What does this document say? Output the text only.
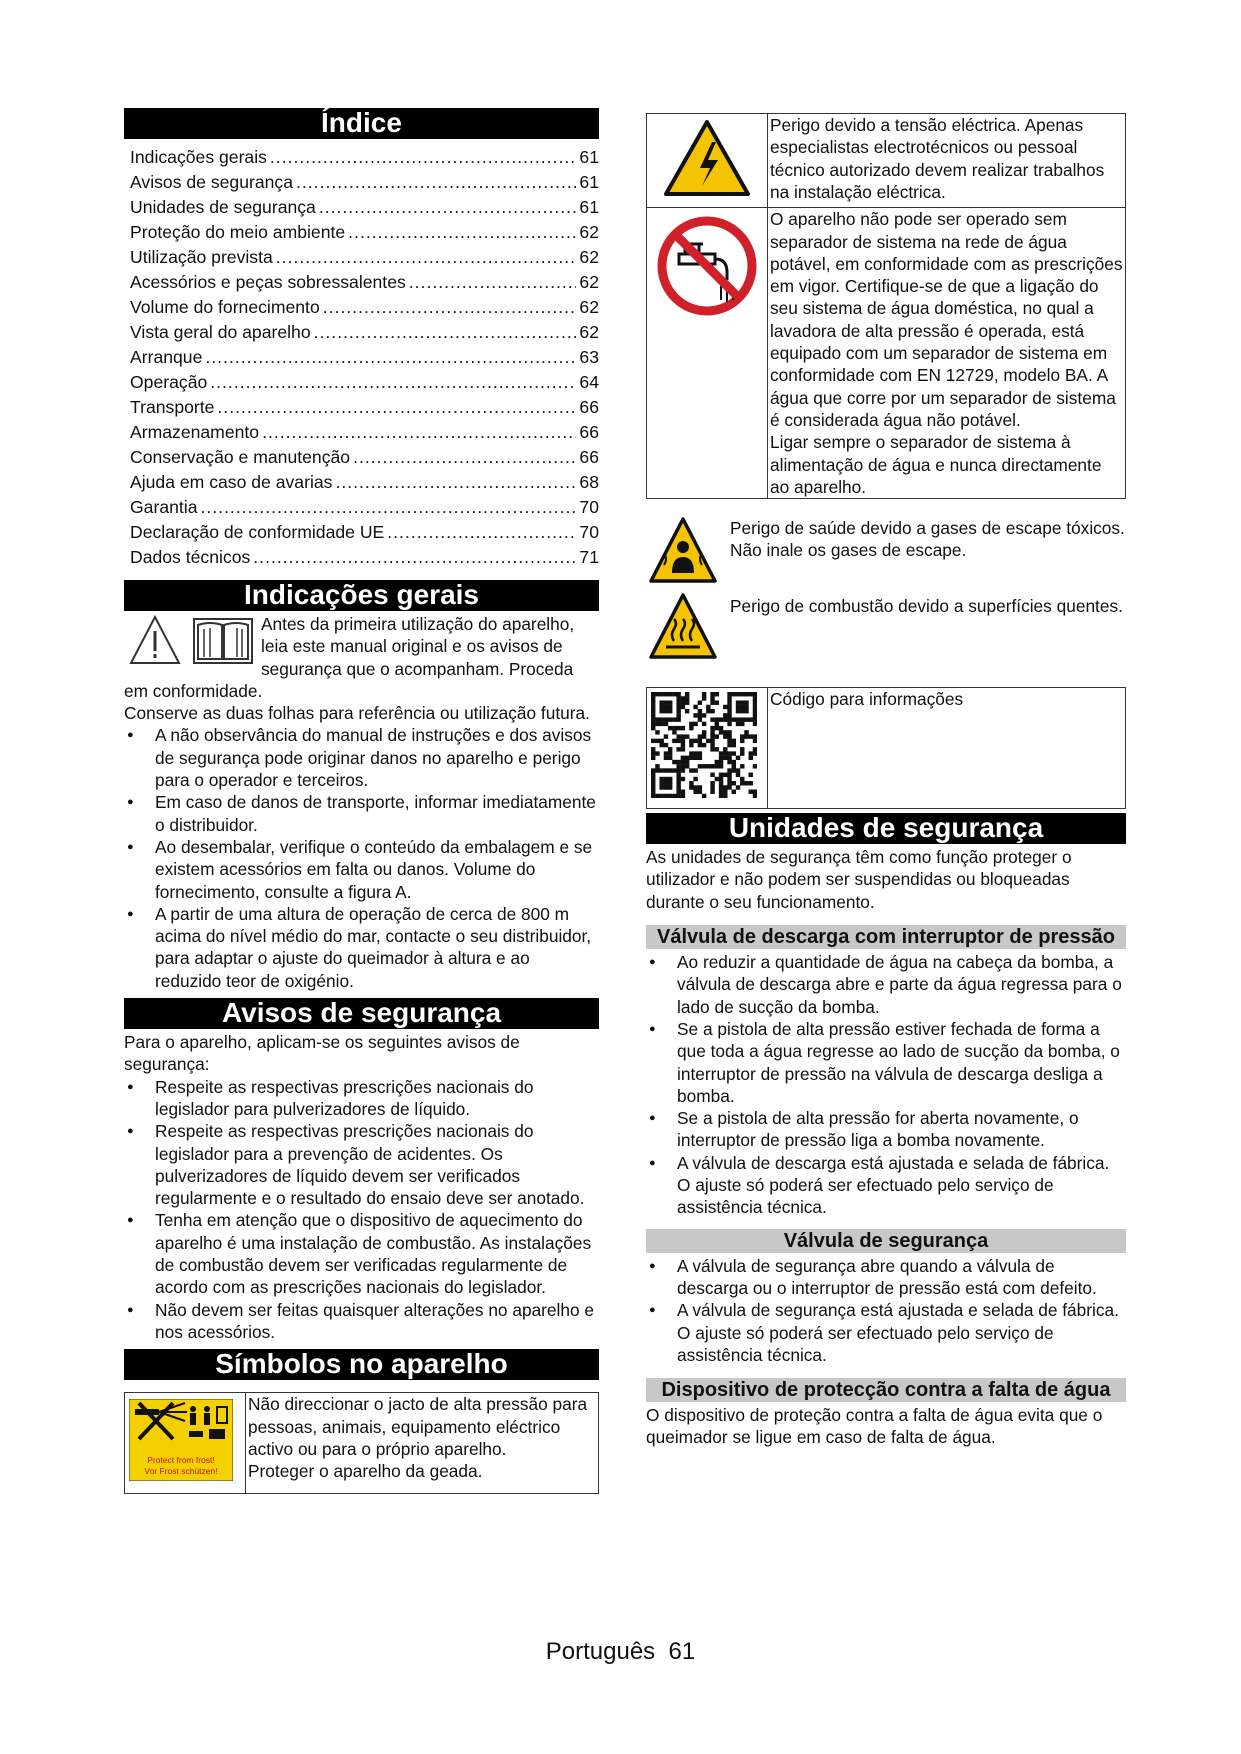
Índice
Indicações gerais .....	61
Avisos de segurança .....	61
Unidades de segurança .....	61
Proteção do meio ambiente .....	62
Utilização prevista .....	62
Acessórios e peças sobressalentes .....	62
Volume do fornecimento .....	62
Vista geral do aparelho .....	62
Arranque .....	63
Operação .....	64
Transporte .....	66
Armazenamento .....	66
Conservação e manutenção .....	66
Ajuda em caso de avarias .....	68
Garantia .....	70
Declaração de conformidade UE .....	70
Dados técnicos .....	71
Indicações gerais

Antes da primeira utilização do aparelho, leia este manual original e os avisos de segurança que o acompanham. Proceda em conformidade.

Conserve as duas folhas para referência ou utilização futura.

● A não observância do manual de instruções e dos avisos de segurança pode originar danos no aparelho e perigo para o operador e terceiros.
● Em caso de danos de transporte, informar imediatamente o distribuidor.
● Ao desembalar, verifique o conteúdo da embalagem e se existem acessórios em falta ou danos. Volume do fornecimento, consulte a figura A.
● A partir de uma altura de operação de cerca de 800 m acima do nível médio do mar, contacte o seu distribuidor, para adaptar o ajuste do queimador à altura e ao reduzido teor de oxigénio.
Avisos de segurança

Para o aparelho, aplicam-se os seguintes avisos de segurança:

● Respeite as respectivas prescrições nacionais do legislador para pulverizadores de líquido.
● Respeite as respectivas prescrições nacionais do legislador para a prevenção de acidentes. Os pulverizadores de líquido devem ser verificados regularmente e o resultado do ensaio deve ser anotado.
● Tenha em atenção que o dispositivo de aquecimento do aparelho é uma instalação de combustão. As instalações de combustão devem ser verificadas regularmente de acordo com as prescrições nacionais do legislador.
● Não devem ser feitas quaisquer alterações no aparelho e nos acessórios.
Símbolos no aparelho
Protect from frost!
Vor Frost schützen!

Não direccionar o jacto de alta pressão para pessoas, animais, equipamento eléctrico activo ou para o próprio aparelho.
Proteger o aparelho da geada.
	Perigo devido a tensão eléctrica. Apenas especialistas electrotécnicos ou pessoal técnico autorizado devem realizar trabalhos na instalação eléctrica.

O aparelho não pode ser operado sem separador de sistema na rede de água potável, em conformidade com as prescrições em vigor. Certifique-se de que a ligação do seu sistema de água doméstica, no qual a lavadora de alta pressão é operada, está equipado com um separador de sistema em conformidade com EN 12729, modelo BA. A água que corre por um separador de sistema é considerada água não potável.
Ligar sempre o separador de sistema à alimentação de água e nunca directamente ao aparelho.
Perigo de saúde devido a gases de escape tóxicos. Não inale os gases de escape.
Perigo de combustão devido a superfícies quentes.
	Código para informações
Unidades de segurança

As unidades de segurança têm como função proteger o utilizador e não podem ser suspendidas ou bloqueadas durante o seu funcionamento.

Válvula de descarga com interruptor de pressão
● Ao reduzir a quantidade de água na cabeça da bomba, a válvula de descarga abre e parte da água regressa para o lado de sucção da bomba.
● Se a pistola de alta pressão estiver fechada de forma a que toda a água regresse ao lado de sucção da bomba, o interruptor de pressão na válvula de descarga desliga a bomba.
● Se a pistola de alta pressão for aberta novamente, o interruptor de pressão liga a bomba novamente.
● A válvula de descarga está ajustada e selada de fábrica. O ajuste só poderá ser efectuado pelo serviço de assistência técnica.
Válvula de segurança
● A válvula de segurança abre quando a válvula de descarga ou o interruptor de pressão está com defeito.
● A válvula de segurança está ajustada e selada de fábrica. O ajuste só poderá ser efectuado pelo serviço de assistência técnica.
Dispositivo de protecção contra a falta de água

O dispositivo de proteção contra a falta de água evita que o queimador se ligue em caso de falta de água.

Português 61
